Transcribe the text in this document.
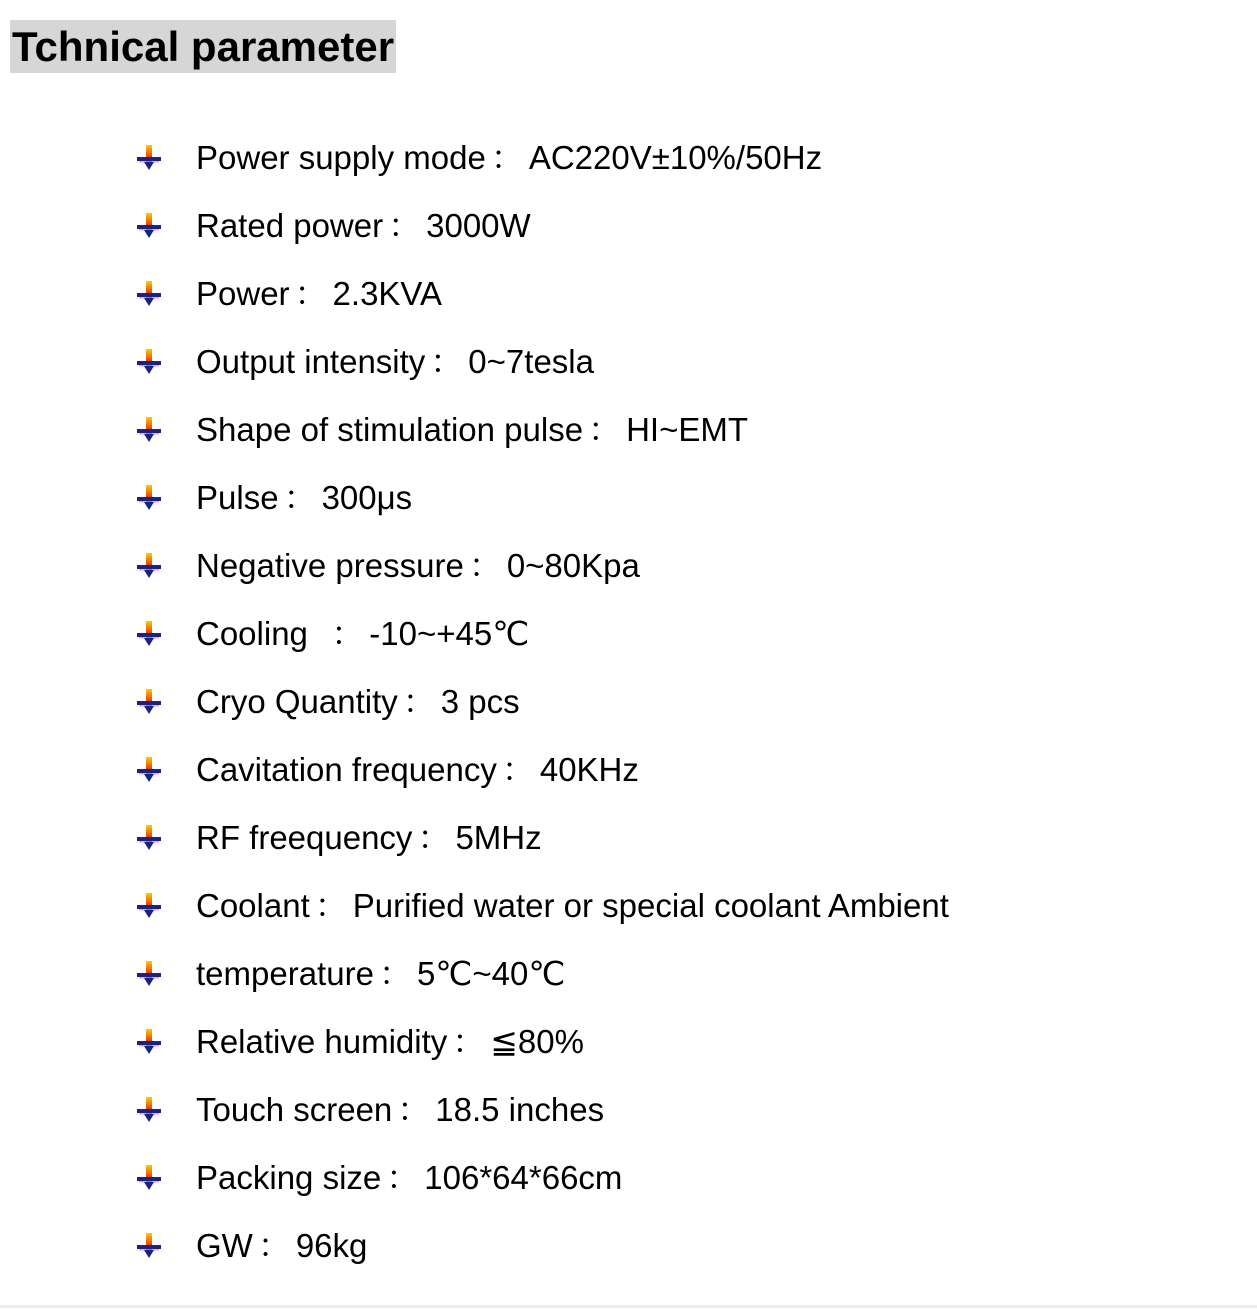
Tchnical parameter
Power supply mode ： AC220V±10%/50Hz
Rated power ： 3000W
Power ： 2.3KVA
Output intensity ： 0~7tesla
Shape of stimulation pulse ： HI~EMT
Pulse ： 300μs
Negative pressure ： 0~80Kpa
Cooling  ： -10~+45℃
Cryo Quantity ： 3 pcs
Cavitation frequency ： 40KHz
RF freequency ： 5MHz
Coolant ： Purified water or special coolant Ambient
temperature ： 5℃~40℃
Relative humidity ： ≦80%
Touch screen ： 18.5 inches
Packing size ： 106*64*66cm
GW ： 96kg
